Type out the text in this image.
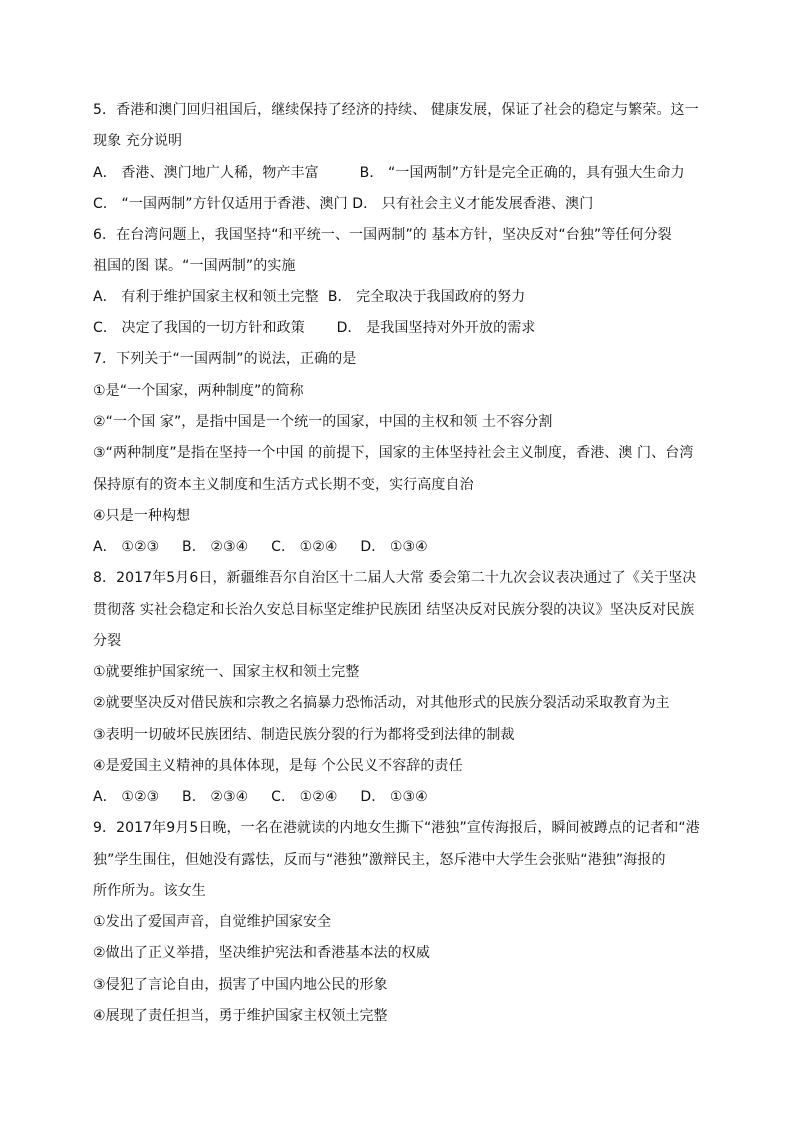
5．香港和澳门回归祖国后，继续保持了经济的持续、 健康发展，保证了社会的稳定与繁荣。这一
现象 充分说明
A． 香港、澳门地广人稀，物产丰富         B． “一国两制”方针是完全正确的，具有强大生命力
C． “一国两制”方针仅适用于香港、澳门 D． 只有社会主义才能发展香港、澳门
6．在台湾问题上，我国坚持“和平统一、一国两制”的 基本方针，坚决反对“台独”等任何分裂
祖国的图 谋。“一国两制”的实施
A． 有利于维护国家主权和领土完整  B． 完全取决于我国政府的努力
C． 决定了我国的一切方针和政策       D． 是我国坚持对外开放的需求
7．下列关于“一国两制”的说法，正确的是
①是“一个国家，两种制度”的简称
②“一个国 家”，是指中国是一个统一的国家，中国的主权和领 土不容分割
③“两种制度”是指在坚持一个中国 的前提下，国家的主体坚持社会主义制度，香港、澳 门、台湾
保持原有的资本主义制度和生活方式长期不变，实行高度自治
④只是一种构想
A． ①②③     B． ②③④     C． ①②④     D． ①③④
8．2017年5月6日，新疆维吾尔自治区十二届人大常 委会第二十九次会议表决通过了《关于坚决
贯彻落 实社会稳定和长治久安总目标坚定维护民族团 结坚决反对民族分裂的决议》坚决反对民族
分裂
①就要维护国家统一、国家主权和领土完整
②就要坚决反对借民族和宗教之名搞暴力恐怖活动，对其他形式的民族分裂活动采取教育为主
③表明一切破坏民族团结、制造民族分裂的行为都将受到法律的制裁
④是爱国主义精神的具体体现，是每 个公民义不容辞的责任
A． ①②③     B． ②③④     C． ①②④     D． ①③④
9．2017年9月5日晚，一名在港就读的内地女生撕下“港独”宣传海报后，瞬间被蹲点的记者和“港
独”学生围住，但她没有露怯，反而与“港独”激辩民主，怒斥港中大学生会张贴“港独”海报的
所作所为。该女生
①发出了爱国声音，自觉维护国家安全
②做出了正义举措，坚决维护宪法和香港基本法的权威
③侵犯了言论自由，损害了中国内地公民的形象
④展现了责任担当，勇于维护国家主权领土完整
